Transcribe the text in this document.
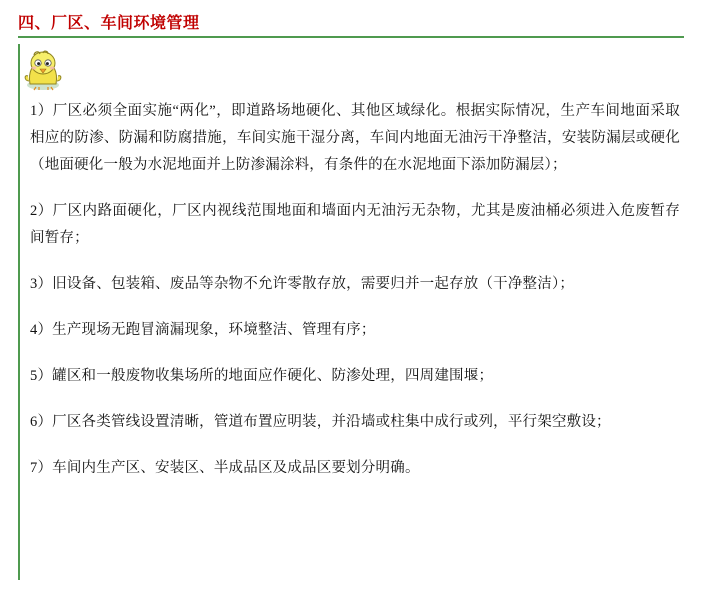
四、厂区、车间环境管理

1）厂区必须全面实施“两化”，即道路场地硬化、其他区域绿化。根据实际情况，生产车间地面采取相应的防渗、防漏和防腐措施，车间实施干湿分离，车间内地面无油污干净整洁，安装防漏层或硬化（地面硬化一般为水泥地面并上防渗漏涂料，有条件的在水泥地面下添加防漏层）；

2）厂区内路面硬化，厂区内视线范围地面和墙面内无油污无杂物，尤其是废油桶必须进入危废暂存间暂存；

3）旧设备、包装箱、废品等杂物不允许零散存放，需要归并一起存放（干净整洁）；

4）生产现场无跑冒滴漏现象，环境整洁、管理有序；

5）罐区和一般废物收集场所的地面应作硬化、防渗处理，四周建围堰；

6）厂区各类管线设置清晰，管道布置应明装，并沿墙或柱集中成行或列，平行架空敷设；

7）车间内生产区、安装区、半成品区及成品区要划分明确。
